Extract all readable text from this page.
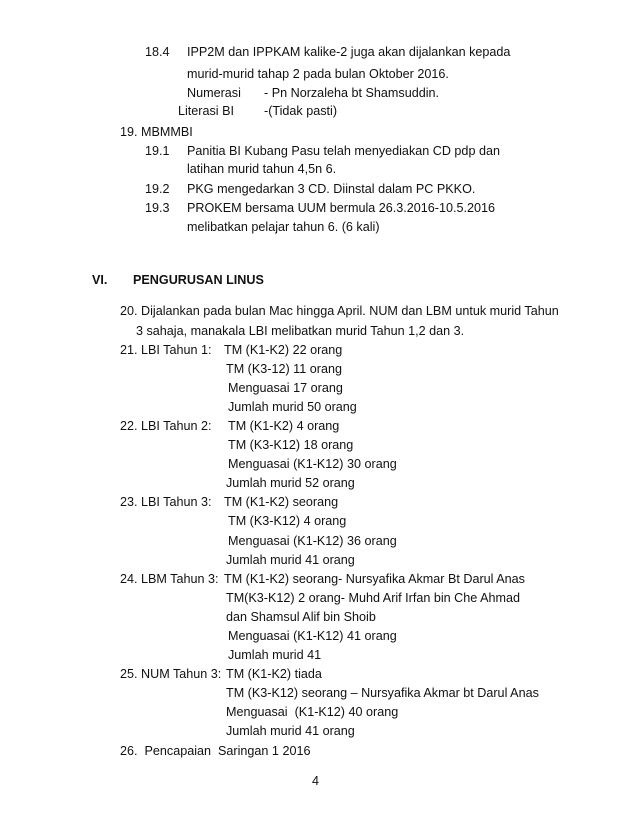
18.4 IPP2M dan IPPKAM kalike-2 juga akan dijalankan kepada
murid-murid tahap 2 pada bulan Oktober 2016.
Numerasi - Pn Norzaleha bt Shamsuddin.
Literasi BI -(Tidak pasti)
19. MBMMBI
19.1 Panitia BI Kubang Pasu telah menyediakan CD pdp dan
latihan murid tahun 4,5n 6.
19.2 PKG mengedarkan 3 CD. Diinstal dalam PC PKKO.
19.3 PROKEM bersama UUM bermula 26.3.2016-10.5.2016
melibatkan pelajar tahun 6. (6 kali)
VI. PENGURUSAN LINUS
20. Dijalankan pada bulan Mac hingga April. NUM dan LBM untuk murid Tahun
3 sahaja, manakala LBI melibatkan murid Tahun 1,2 dan 3.
21. LBI Tahun 1: TM (K1-K2) 22 orang
TM (K3-12) 11 orang
Menguasai 17 orang
Jumlah murid 50 orang
22. LBI Tahun 2: TM (K1-K2) 4 orang
TM (K3-K12) 18 orang
Menguasai (K1-K12) 30 orang
Jumlah murid 52 orang
23. LBI Tahun 3: TM (K1-K2) seorang
TM (K3-K12) 4 orang
Menguasai (K1-K12) 36 orang
Jumlah murid 41 orang
24. LBM Tahun 3: TM (K1-K2) seorang- Nursyafika Akmar Bt Darul Anas
TM(K3-K12) 2 orang- Muhd Arif Irfan bin Che Ahmad
dan Shamsul Alif bin Shoib
Menguasai (K1-K12) 41 orang
Jumlah murid 41
25. NUM Tahun 3: TM (K1-K2) tiada
TM (K3-K12) seorang – Nursyafika Akmar bt Darul Anas
Menguasai  (K1-K12) 40 orang
Jumlah murid 41 orang
26.  Pencapaian  Saringan 1 2016
4
